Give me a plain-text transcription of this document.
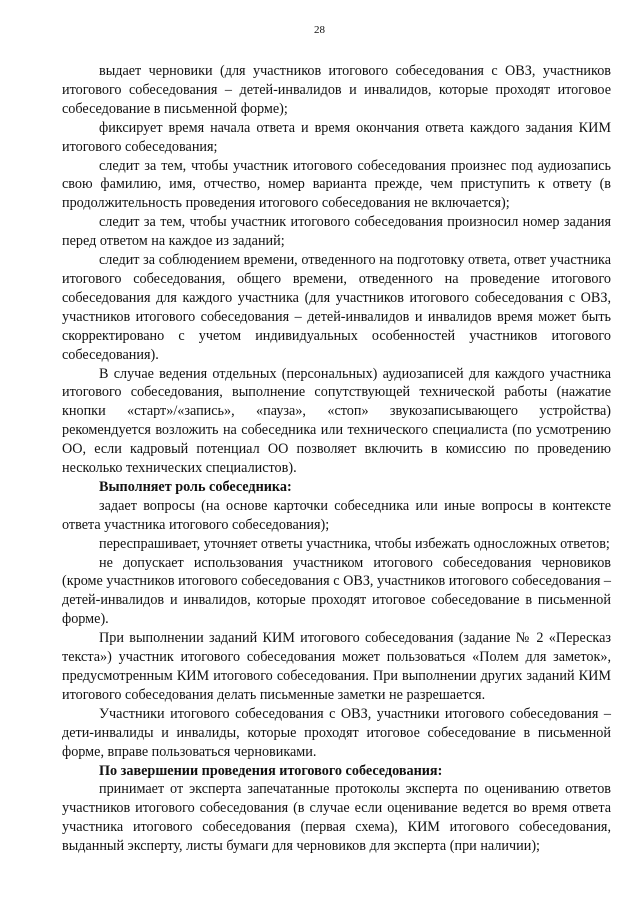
28

выдает черновики (для участников итогового собеседования с ОВЗ, участников итогового собеседования – детей-инвалидов и инвалидов, которые проходят итоговое собеседование в письменной форме);

фиксирует время начала ответа и время окончания ответа каждого задания КИМ итогового собеседования;

следит за тем, чтобы участник итогового собеседования произнес под аудиозапись свою фамилию, имя, отчество, номер варианта прежде, чем приступить к ответу (в продолжительность проведения итогового собеседования не включается);

следит за тем, чтобы участник итогового собеседования произносил номер задания перед ответом на каждое из заданий;

следит за соблюдением времени, отведенного на подготовку ответа, ответ участника итогового собеседования, общего времени, отведенного на проведение итогового собеседования для каждого участника (для участников итогового собеседования с ОВЗ, участников итогового собеседования – детей-инвалидов и инвалидов время может быть скорректировано с учетом индивидуальных особенностей участников итогового собеседования).

В случае ведения отдельных (персональных) аудиозаписей для каждого участника итогового собеседования, выполнение сопутствующей технической работы (нажатие кнопки «старт»/«запись», «пауза», «стоп» звукозаписывающего устройства) рекомендуется возложить на собеседника или технического специалиста (по усмотрению ОО, если кадровый потенциал ОО позволяет включить в комиссию по проведению несколько технических специалистов).

Выполняет роль собеседника:

задает вопросы (на основе карточки собеседника или иные вопросы в контексте ответа участника итогового собеседования);

переспрашивает, уточняет ответы участника, чтобы избежать односложных ответов;

не допускает использования участником итогового собеседования черновиков (кроме участников итогового собеседования с ОВЗ, участников итогового собеседования – детей-инвалидов и инвалидов, которые проходят итоговое собеседование в письменной форме).

При выполнении заданий КИМ итогового собеседования (задание № 2 «Пересказ текста») участник итогового собеседования может пользоваться «Полем для заметок», предусмотренным КИМ итогового собеседования. При выполнении других заданий КИМ итогового собеседования делать письменные заметки не разрешается.

Участники итогового собеседования с ОВЗ, участники итогового собеседования – дети-инвалиды и инвалиды, которые проходят итоговое собеседование в письменной форме, вправе пользоваться черновиками.

По завершении проведения итогового собеседования:

принимает от эксперта запечатанные протоколы эксперта по оцениванию ответов участников итогового собеседования (в случае если оценивание ведется во время ответа участника итогового собеседования (первая схема), КИМ итогового собеседования, выданный эксперту, листы бумаги для черновиков для эксперта (при наличии);
